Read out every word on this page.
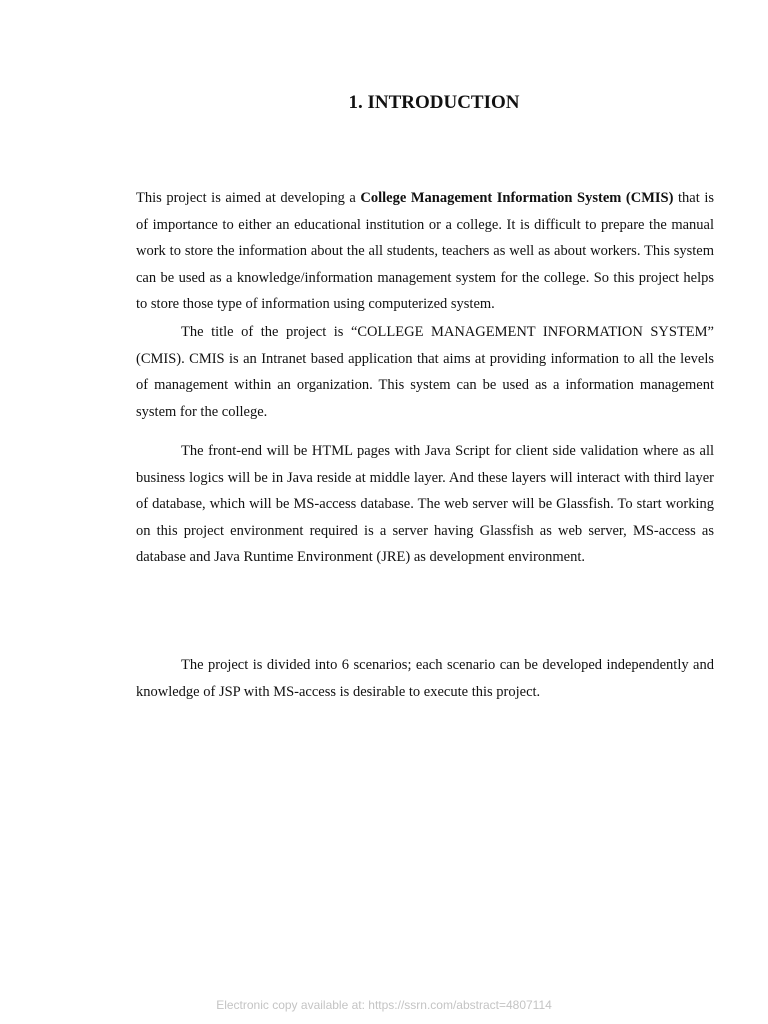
1. INTRODUCTION

This project is aimed at developing a College Management Information System (CMIS) that is of importance to either an educational institution or a college. It is difficult to prepare the manual work to store the information about the all students, teachers as well as about workers. This system can be used as a knowledge/information management system for the college. So this project helps to store those type of information using computerized system.

The title of the project is “COLLEGE MANAGEMENT INFORMATION SYSTEM” (CMIS). CMIS is an Intranet based application that aims at providing information to all the levels of management within an organization. This system can be used as a information management system for the college.

The front-end will be HTML pages with Java Script for client side validation where as all business logics will be in Java reside at middle layer. And these layers will interact with third layer of database, which will be MS-access database. The web server will be Glassfish. To start working on this project environment required is a server having Glassfish as web server, MS-access as database and Java Runtime Environment (JRE) as development environment.

The project is divided into 6 scenarios; each scenario can be developed independently and knowledge of JSP with MS-access is desirable to execute this project.

Electronic copy available at: https://ssrn.com/abstract=4807114
